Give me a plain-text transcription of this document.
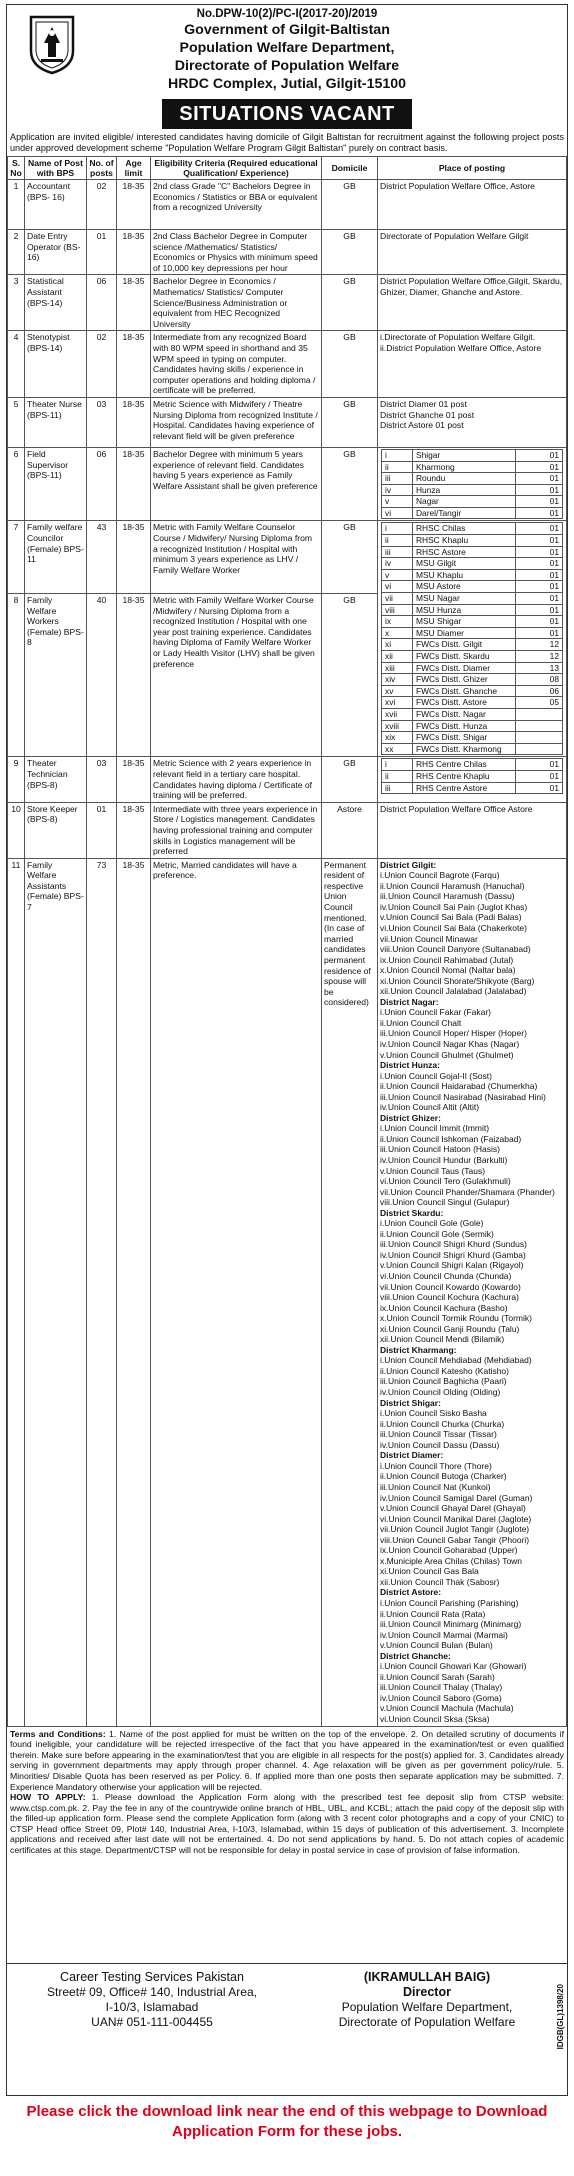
No.DPW-10(2)/PC-I(2017-20)/2019
Government of Gilgit-Baltistan
Population Welfare Department,
Directorate of Population Welfare
HRDC Complex, Jutial, Gilgit-15100
SITUATIONS VACANT
Application are invited eligible/ interested candidates having domicile of Gilgit Baltistan for recruitment against the following project posts under approved development scheme "Population Welfare Program Gilgit Baltistan" purely on contract basis.
S. No	Name of Post with BPS	No. of posts	Age limit	Eligibility Criteria (Required educational Qualification/ Experience)	Domicile	Place of posting
1	Accountant (BPS- 16)	02	18-35	2nd class Grade "C" Bachelors Degree in Economics / Statistics or BBA or equivalent from a recognized University	GB	District Population Welfare Office, Astore
2	Date Entry Operator (BS-16)	01	18-35	2nd Class Bachelor Degree in Computer science /Mathematics/ Statistics/ Economics or Physics with minimum speed of 10,000 key depressions per hour	GB	Directorate of Population Welfare Gilgit
3	Statistical Assistant (BPS-14)	06	18-35	Bachelor Degree in Economics / Mathematics/ Statistics/ Computer Science/Business Administration or equivalent from HEC Recognized University	GB	District Population Welfare Office,Gilgit, Skardu, Ghizer, Diamer, Ghanche and Astore.
4	Stenotypist (BPS-14)	02	18-35	Intermediate from any recognized Board with 80 WPM speed in shorthand and 35 WPM speed in typing on computer. Candidates having skills / experience in computer operations and holding diploma / certificate will be preferred.	GB	i.Directorate of Population Welfare Gilgit.
ii.District Population Welfare Office, Astore
5	Theater Nurse (BPS-11)	03	18-35	Metric Science with Midwifery / Theatre Nursing Diploma from recognized Institute / Hospital. Candidates having experience of relevant field will be given preference	GB	District Diamer 01 post
District Ghanche 01 post
District Astore 01 post
6	Field Supervisor (BPS-11)	06	18-35	Bachelor Degree with minimum 5 years experience of relevant field. Candidates having 5 years experience as Family Welfare Assistant shall be given preference	GB		i	Shigar	01
ii	Kharmong	01
iii	Roundu	01
iv	Hunza	01
v	Nagar	01
vi	Darel/Tangir	01

7	Family welfare Councilor (Female) BPS-11	43	18-35	Metric with Family Welfare Counselor Course / Midwifery/ Nursing Diploma from a recognized Institution / Hospital with minimum 3 years experience as LHV / Family Welfare Worker	GB		i	RHSC Chilas	01
ii	RHSC Khaplu	01
iii	RHSC Astore	01
iv	MSU Gilgit	01
v	MSU Khaplu	01
vi	MSU Astore	01
vii	MSU Nagar	01
viii	MSU Hunza	01
ix	MSU Shigar	01
x	MSU Diamer	01
xi	FWCs Distt. Gilgit	12
xii	FWCs Distt. Skardu	12
xiii	FWCs Distt. Diamer	13
xiv	FWCs Distt. Ghizer	08
xv	FWCs Distt. Ghanche	06
xvi	FWCs Distt. Astore	05
xvii	FWCs Distt. Nagar	
xviii	FWCs Distt. Hunza	
xix	FWCs Distt. Shigar	
xx	FWCs Distt. Kharmong	

8	Family Welfare Workers (Female) BPS-8	40	18-35	Metric with Family Welfare Worker Course /Midwifery / Nursing Diploma from a recognized Institution / Hospital with one year post training experience. Candidates having Diploma of Family Welfare Worker or Lady Health Visitor (LHV) shall be given preference	GB
9	Theater Technician (BPS-8)	03	18-35	Metric Science with 2 years experience in relevant field in a tertiary care hospital. Candidates having diploma / Certificate of training will be preferred.	GB		i	RHS Centre Chilas	01
ii	RHS Centre Khaplu	01
iii	RHS Centre Astore	01

10	Store Keeper (BPS-8)	01	18-35	Intermediate with three years experience in Store / Logistics management. Candidates having professional training and computer skills in Logistics management will be preferred	Astore	District Population Welfare Office Astore
11	Family Welfare Assistants (Female) BPS-7	73	18-35	Metric, Married candidates will have a preference.	Permanent resident of respective Union Council mentioned. (In case of married candidates permanent residence of spouse will be considered)	
District Gilgit:
i.Union Council Bagrote (Farqu)
ii.Union Council Haramush (Hanuchal)
iii.Union Council Haramush (Dassu)
iv.Union Council Sai Pain (Juglot Khas)
v.Union Council Sai Bala (Padi Balas)
vi.Union Council Sai Bala (Chakerkote)
vii.Union Council Minawar
viii.Union Council Danyore (Sultanabad)
ix.Union Council Rahimabad (Jutal)
x.Union Council Nomal (Naltar bala)
xi.Union Council Shorate/Shikyote (Barg)
xii.Union Council Jalalabad (Jalalabad)
District Nagar:
i.Union Council Fakar (Fakar)
ii.Union Council Chalt
iii.Union Council Hoper/ Hisper (Hoper)
iv.Union Council Nagar Khas (Nagar)
v.Union Council Ghulmet (Ghulmet)
District Hunza:
i.Union Council Gojal-II (Sost)
ii.Union Council Haidarabad (Chumerkha)
iii.Union Council Nasirabad (Nasirabad Hini)
iv.Union Council Altit (Altit)
District Ghizer:
i.Union Council Immit (Immit)
ii.Union Council Ishkoman (Faizabad)
iii.Union Council Hatoon (Hasis)
iv.Union Council Hundur (Barkulti)
v.Union Council Taus (Taus)
vi.Union Council Tero (Gulakhmuli)
vii.Union Council Phander/Shamara (Phander)
viii.Union Council Singul (Gulapur)
District Skardu:
i.Union Council Gole (Gole)
ii.Union Council Gole (Sermik)
iii.Union Council Shigri Khurd (Sundus)
iv.Union Council Shigri Khurd (Gamba)
v.Union Council Shigri Kalan (Rigayol)
vi.Union Council Chunda (Chunda)
vii.Union Council Kowardo (Kowardo)
viii.Union Council Kochura (Kachura)
ix.Union Council Kachura (Basho)
x.Union Council Tormik Roundu (Tormik)
xi.Union Council Ganji Roundu (Talu)
xii.Union Council Mendi (Bilamik)
District Kharmang:
i.Union Council Mehdiabad (Mehdiabad)
ii.Union Council Katesho (Katisho)
iii.Union Council Baghicha (Paari)
iv.Union Council Olding (Olding)
District Shigar:
i.Union Council Sisko Basha
ii.Union Council Churka (Churka)
iii.Union Council Tissar (Tissar)
iv.Union Council Dassu (Dassu)
District Diamer:
i.Union Council Thore (Thore)
ii.Union Council Butoga (Charker)
iii.Union Council Nat (Kunkoi)
iv.Union Council Samigal Darel (Guman)
v.Union Council Ghayal Darel (Ghayal)
vi.Union Council Manikal Darel (Jaglote)
vii.Union Council Juglot Tangir (Juglote)
viii.Union Council Gabar Tangir (Phoori)
ix.Union Council Goharabad (Upper)
x.Municiple Area Chilas (Chilas) Town
xi.Union Council Gas Bala
xii.Union Council Thak (Sabosr)
District Astore:
i.Union Council Parishing (Parishing)
ii.Union Council Rata (Rata)
iii.Union Council Minimarg (Minimarg)
iv.Union Council Marmai (Marmai)
v.Union Council Bulan (Bulan)
District Ghanche:
i.Union Council Ghowari Kar (Ghowari)
ii.Union Council Sarah (Sarah)
iii.Union Council Thalay (Thalay)
iv.Union Council Saboro (Goma)
v.Union Council Machula (Machula)
vi.Union Council Sksa (Sksa)
Terms and Conditions: 1. Name of the post applied for must be written on the top of the envelope. 2. On detailed scrutiny of documents if found ineligible, your candidature will be rejected irrespective of the fact that you have appeared in the examination/test or even qualified therein. Make sure before appearing in the examination/test that you are eligible in all respects for the post(s) applied for. 3. Candidates already serving in government departments may apply through proper channel. 4. Age relaxation will be given as per government policy/rule. 5. Minorities/ Disable Quota has been reserved as per Policy. 6. If applied more than one posts then separate application may be submitted. 7. Experience Mandatory otherwise your application will be rejected.
HOW TO APPLY: 1. Please download the Application Form along with the prescribed test fee deposit slip from CTSP website: www.ctsp.com.pk. 2. Pay the fee in any of the countrywide online branch of HBL, UBL, and KCBL; attach the paid copy of the deposit slip with the filled-up application form. Please send the complete Application form (along with 3 recent color photographs and a copy of your CNIC) to CTSP Head office Street 09, Plot# 140, Industrial Area, I-10/3, Islamabad, within 15 days of publication of this advertisement. 3. Incomplete applications and received after last date will not be entertained. 4. Do not send applications by hand. 5. Do not attach copies of academic certificates at this stage. Department/CTSP will not be responsible for delay in postal service in case of provision of false information.
Career Testing Services Pakistan
Street# 09, Office# 140, Industrial Area,
I-10/3, Islamabad
UAN# 051-111-004455
(IKRAMULLAH BAIG)
Director
Population Welfare Department,
Directorate of Population Welfare	IDGB(GL)1398/20
Please click the download link near the end of this webpage to Download Application Form for these jobs.
